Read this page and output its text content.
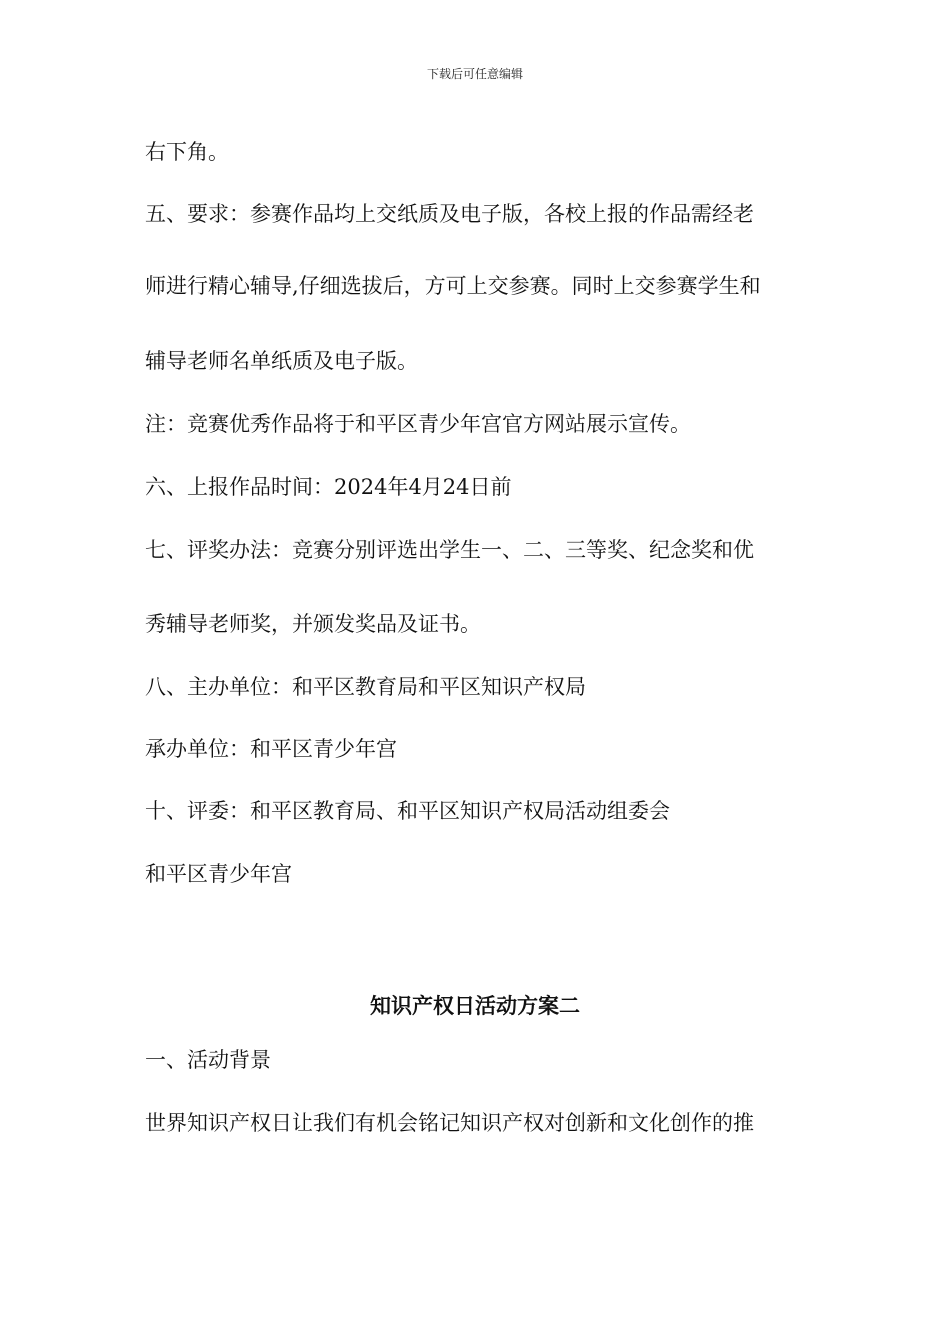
下载后可任意编辑
右下角。
五、要求：参赛作品均上交纸质及电子版，各校上报的作品需经老
师进行精心辅导,仔细选拔后，方可上交参赛。同时上交参赛学生和
辅导老师名单纸质及电子版。
注：竞赛优秀作品将于和平区青少年宫官方网站展示宣传。
六、上报作品时间：2024年4月24日前
七、评奖办法：竞赛分别评选出学生一、二、三等奖、纪念奖和优
秀辅导老师奖，并颁发奖品及证书。
八、主办单位：和平区教育局和平区知识产权局
承办单位：和平区青少年宫
十、评委：和平区教育局、和平区知识产权局活动组委会
和平区青少年宫
知识产权日活动方案二
一、活动背景
世界知识产权日让我们有机会铭记知识产权对创新和文化创作的推
